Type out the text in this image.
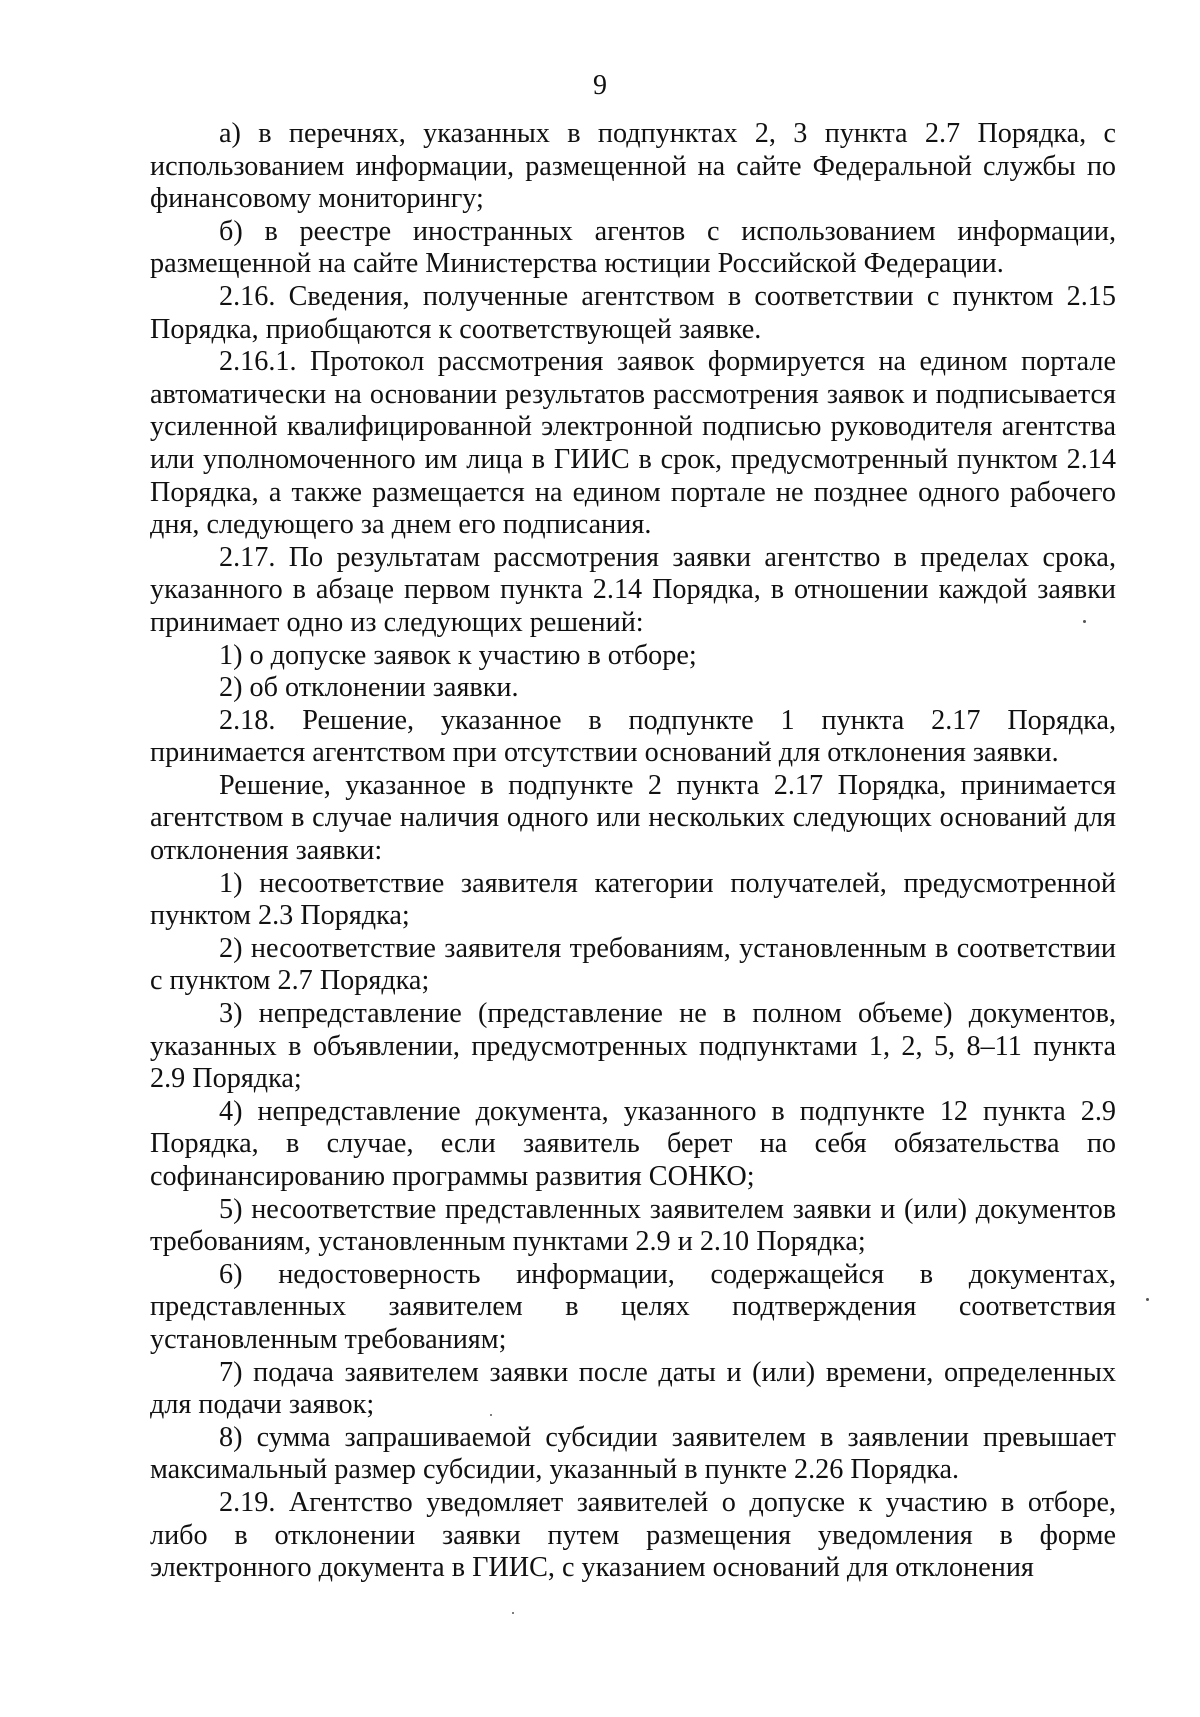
9

а) в перечнях, указанных в подпунктах 2, 3 пункта 2.7 Порядка, с использованием информации, размещенной на сайте Федеральной службы по финансовому мониторингу;

б) в реестре иностранных агентов с использованием информации, размещенной на сайте Министерства юстиции Российской Федерации.

2.16. Сведения, полученные агентством в соответствии с пунктом 2.15 Порядка, приобщаются к соответствующей заявке.

2.16.1. Протокол рассмотрения заявок формируется на едином портале автоматически на основании результатов рассмотрения заявок и подписывается усиленной квалифицированной электронной подписью руководителя агентства или уполномоченного им лица в ГИИС в срок, предусмотренный пунктом 2.14 Порядка, а также размещается на едином портале не позднее одного рабочего дня, следующего за днем его подписания.

2.17. По результатам рассмотрения заявки агентство в пределах срока, указанного в абзаце первом пункта 2.14 Порядка, в отношении каждой заявки принимает одно из следующих решений:

1) о допуске заявок к участию в отборе;

2) об отклонении заявки.

2.18. Решение, указанное в подпункте 1 пункта 2.17 Порядка, принимается агентством при отсутствии оснований для отклонения заявки.

Решение, указанное в подпункте 2 пункта 2.17 Порядка, принимается агентством в случае наличия одного или нескольких следующих оснований для отклонения заявки:

1) несоответствие заявителя категории получателей, предусмотренной пунктом 2.3 Порядка;

2) несоответствие заявителя требованиям, установленным в соответствии с пунктом 2.7 Порядка;

3) непредставление (представление не в полном объеме) документов, указанных в объявлении, предусмотренных подпунктами 1, 2, 5, 8–11 пункта 2.9 Порядка;

4) непредставление документа, указанного в подпункте 12 пункта 2.9 Порядка, в случае, если заявитель берет на себя обязательства по софинансированию программы развития СОНКО;

5) несоответствие представленных заявителем заявки и (или) документов требованиям, установленным пунктами 2.9 и 2.10 Порядка;

6) недостоверность информации, содержащейся в документах, представленных заявителем в целях подтверждения соответствия установленным требованиям;

7) подача заявителем заявки после даты и (или) времени, определенных для подачи заявок;

8) сумма запрашиваемой субсидии заявителем в заявлении превышает максимальный размер субсидии, указанный в пункте 2.26 Порядка.

2.19. Агентство уведомляет заявителей о допуске к участию в отборе, либо в отклонении заявки путем размещения уведомления в форме электронного документа в ГИИС, с указанием оснований для отклонения
